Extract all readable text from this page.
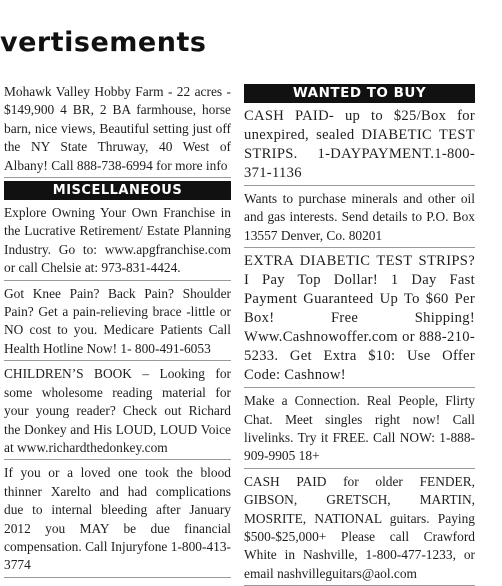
vertisements
Mohawk Valley Hobby Farm - 22 acres - $149,900 4 BR, 2 BA farmhouse, horse barn, nice views, Beautiful setting just off the NY State Thruway, 40 West of Albany! Call 888-738-6994 for more info
MISCELLANEOUS
Explore Owning Your Own Franchise in the Lucrative Retirement/ Estate Planning Industry. Go to: www.apgfranchise.com or call Chelsie at: 973-831-4424.
Got Knee Pain? Back Pain? Shoulder Pain? Get a pain-relieving brace -little or NO cost to you. Medicare Patients Call Health Hotline Now! 1- 800-491-6053
CHILDREN’S BOOK – Looking for some wholesome reading material for your young reader? Check out Richard the Donkey and His LOUD, LOUD Voice at www.richardthedonkey.com
If you or a loved one took the blood thinner Xarelto and had complications due to internal bleeding after January 2012 you MAY be due financial compensation. Call Injuryfone 1-800-413-3774
WANTED TO BUY
CASH PAID- up to $25/Box for unexpired, sealed DIABETIC TEST STRIPS. 1-DAYPAYMENT.1-800-371-1136
Wants to purchase minerals and other oil and gas interests. Send details to P.O. Box 13557 Denver, Co. 80201
EXTRA DIABETIC TEST STRIPS? I Pay Top Dollar! 1 Day Fast Payment Guaranteed Up To $60 Per Box! Free Shipping! Www.Cashnowoffer.com or 888-210-5233. Get Extra $10: Use Offer Code: Cashnow!
Make a Connection. Real People, Flirty Chat. Meet singles right now! Call livelinks. Try it FREE. Call NOW: 1-888-909-9905 18+
CASH PAID for older FENDER, GIBSON, GRETSCH, MARTIN, MOSRITE, NATIONAL guitars. Paying $500-$25,000+ Please call Crawford White in Nashville, 1-800-477-1233, or email nashvilleguitars@aol.com
